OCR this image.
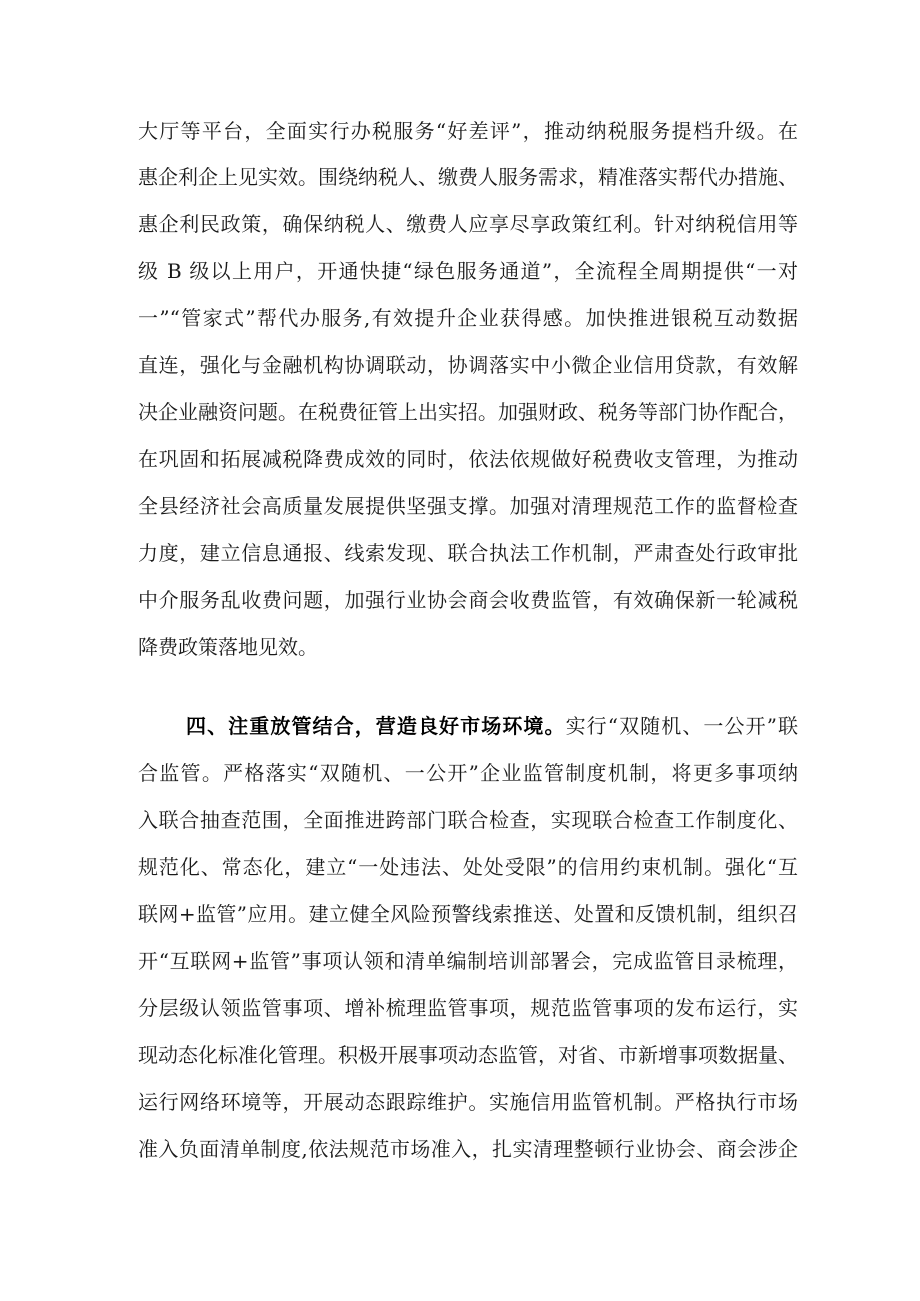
大厅等平台，全面实行办税服务“好差评”，推动纳税服务提档升级。在
惠企利企上见实效。围绕纳税人、缴费人服务需求，精准落实帮代办措施、
惠企利民政策，确保纳税人、缴费人应享尽享政策红利。针对纳税信用等
级 B 级以上用户，开通快捷“绿色服务通道”，全流程全周期提供“一对
一”“管家式”帮代办服务,有效提升企业获得感。加快推进银税互动数据
直连，强化与金融机构协调联动，协调落实中小微企业信用贷款，有效解
决企业融资问题。在税费征管上出实招。加强财政、税务等部门协作配合，
在巩固和拓展减税降费成效的同时，依法依规做好税费收支管理，为推动
全县经济社会高质量发展提供坚强支撑。加强对清理规范工作的监督检查
力度，建立信息通报、线索发现、联合执法工作机制，严肃查处行政审批
中介服务乱收费问题，加强行业协会商会收费监管，有效确保新一轮减税
降费政策落地见效。
四、注重放管结合，营造良好市场环境。实行“双随机、一公开”联
合监管。严格落实“双随机、一公开”企业监管制度机制，将更多事项纳
入联合抽查范围，全面推进跨部门联合检查，实现联合检查工作制度化、
规范化、常态化，建立“一处违法、处处受限”的信用约束机制。强化“互
联网+监管”应用。建立健全风险预警线索推送、处置和反馈机制，组织召
开“互联网+监管”事项认领和清单编制培训部署会，完成监管目录梳理，
分层级认领监管事项、增补梳理监管事项，规范监管事项的发布运行，实
现动态化标准化管理。积极开展事项动态监管，对省、市新增事项数据量、
运行网络环境等，开展动态跟踪维护。实施信用监管机制。严格执行市场
准入负面清单制度,依法规范市场准入，扎实清理整顿行业协会、商会涉企
